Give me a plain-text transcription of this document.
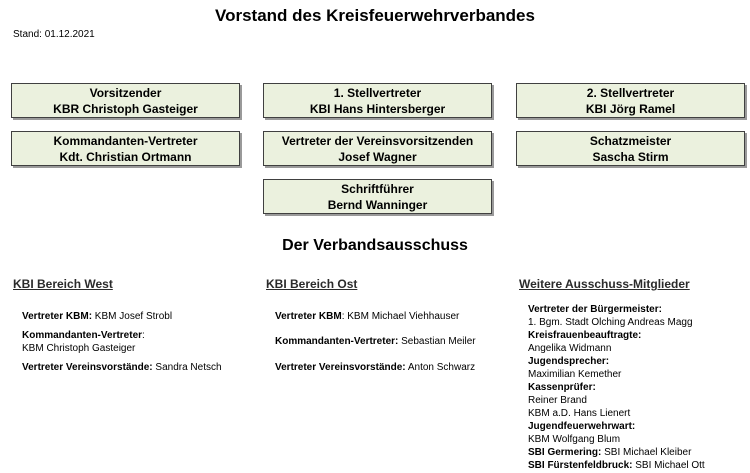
Vorstand des Kreisfeuerwehrverbandes
Stand: 01.12.2021
Vorsitzender
KBR Christoph Gasteiger
1. Stellvertreter
KBI Hans Hintersberger
2. Stellvertreter
KBI Jörg Ramel
Kommandanten-Vertreter
Kdt. Christian Ortmann
Vertreter der Vereinsvorsitzenden
Josef Wagner
Schatzmeister
Sascha Stirm
Schriftführer
Bernd Wanninger
Der Verbandsausschuss
KBI Bereich West	KBI Bereich Ost	Weitere Ausschuss-Mitglieder
Vertreter KBM: KBM Josef Strobl
Kommandanten-Vertreter:
KBM Christoph Gasteiger
Vertreter Vereinsvorstände: Sandra Netsch
Vertreter KBM: KBM Michael Viehhauser
Kommandanten-Vertreter: Sebastian Meiler
Vertreter Vereinsvorstände: Anton Schwarz
Vertreter der Bürgermeister:
1. Bgm. Stadt Olching Andreas Magg
Kreisfrauenbeauftragte:
Angelika Widmann
Jugendsprecher:
Maximilian Kemether
Kassenprüfer:
Reiner Brand
KBM a.D. Hans Lienert
Jugendfeuerwehrwart:
KBM Wolfgang Blum
SBI Germering: SBI Michael Kleiber
SBI Fürstenfeldbruck: SBI Michael Ott
